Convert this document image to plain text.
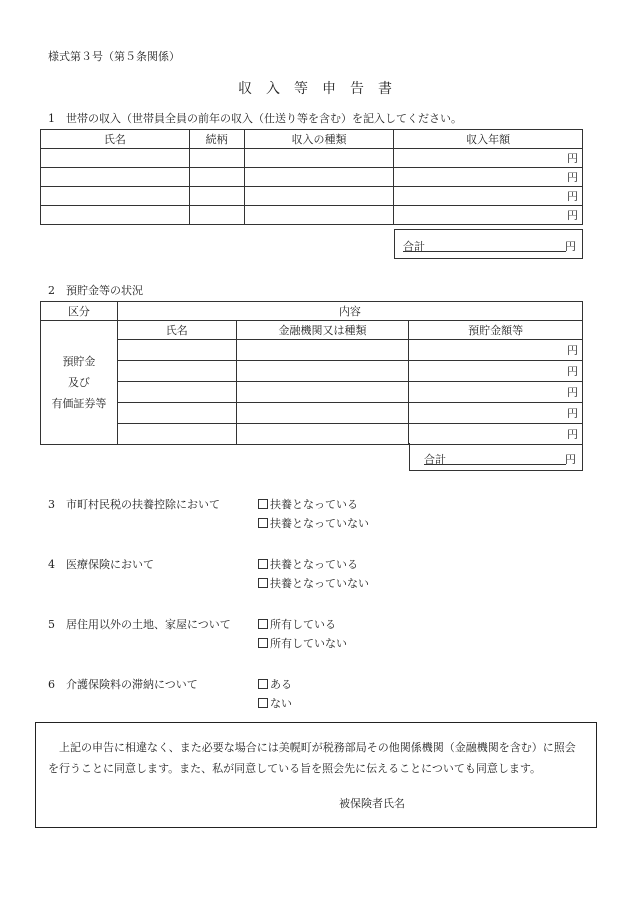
様式第３号（第５条関係）
収入等申告書
1　世帯の収入（世帯員全員の前年の収入（仕送り等を含む）を記入してください。
氏名	続柄	収入の種類	収入年額
			円
			円
			円
			円
合計	円
2　預貯金等の状況
区分	内容		

預貯金
及び
有価証券等	氏名	金融機関又は種類	預貯金額等
			円
			円
			円
			円
			円
合計	円
3　市町村民税の扶養控除において	扶養となっている
扶養となっていない
4　医療保険において	扶養となっている
扶養となっていない
5　居住用以外の土地、家屋について	所有している
所有していない
6　介護保険料の滞納について	ある
ない
上記の申告に相違なく、また必要な場合には美幌町が税務部局その他関係機関（金融機関を含む）に照会を行うことに同意します。また、私が同意している旨を照会先に伝えることについても同意します。
被保険者氏名
